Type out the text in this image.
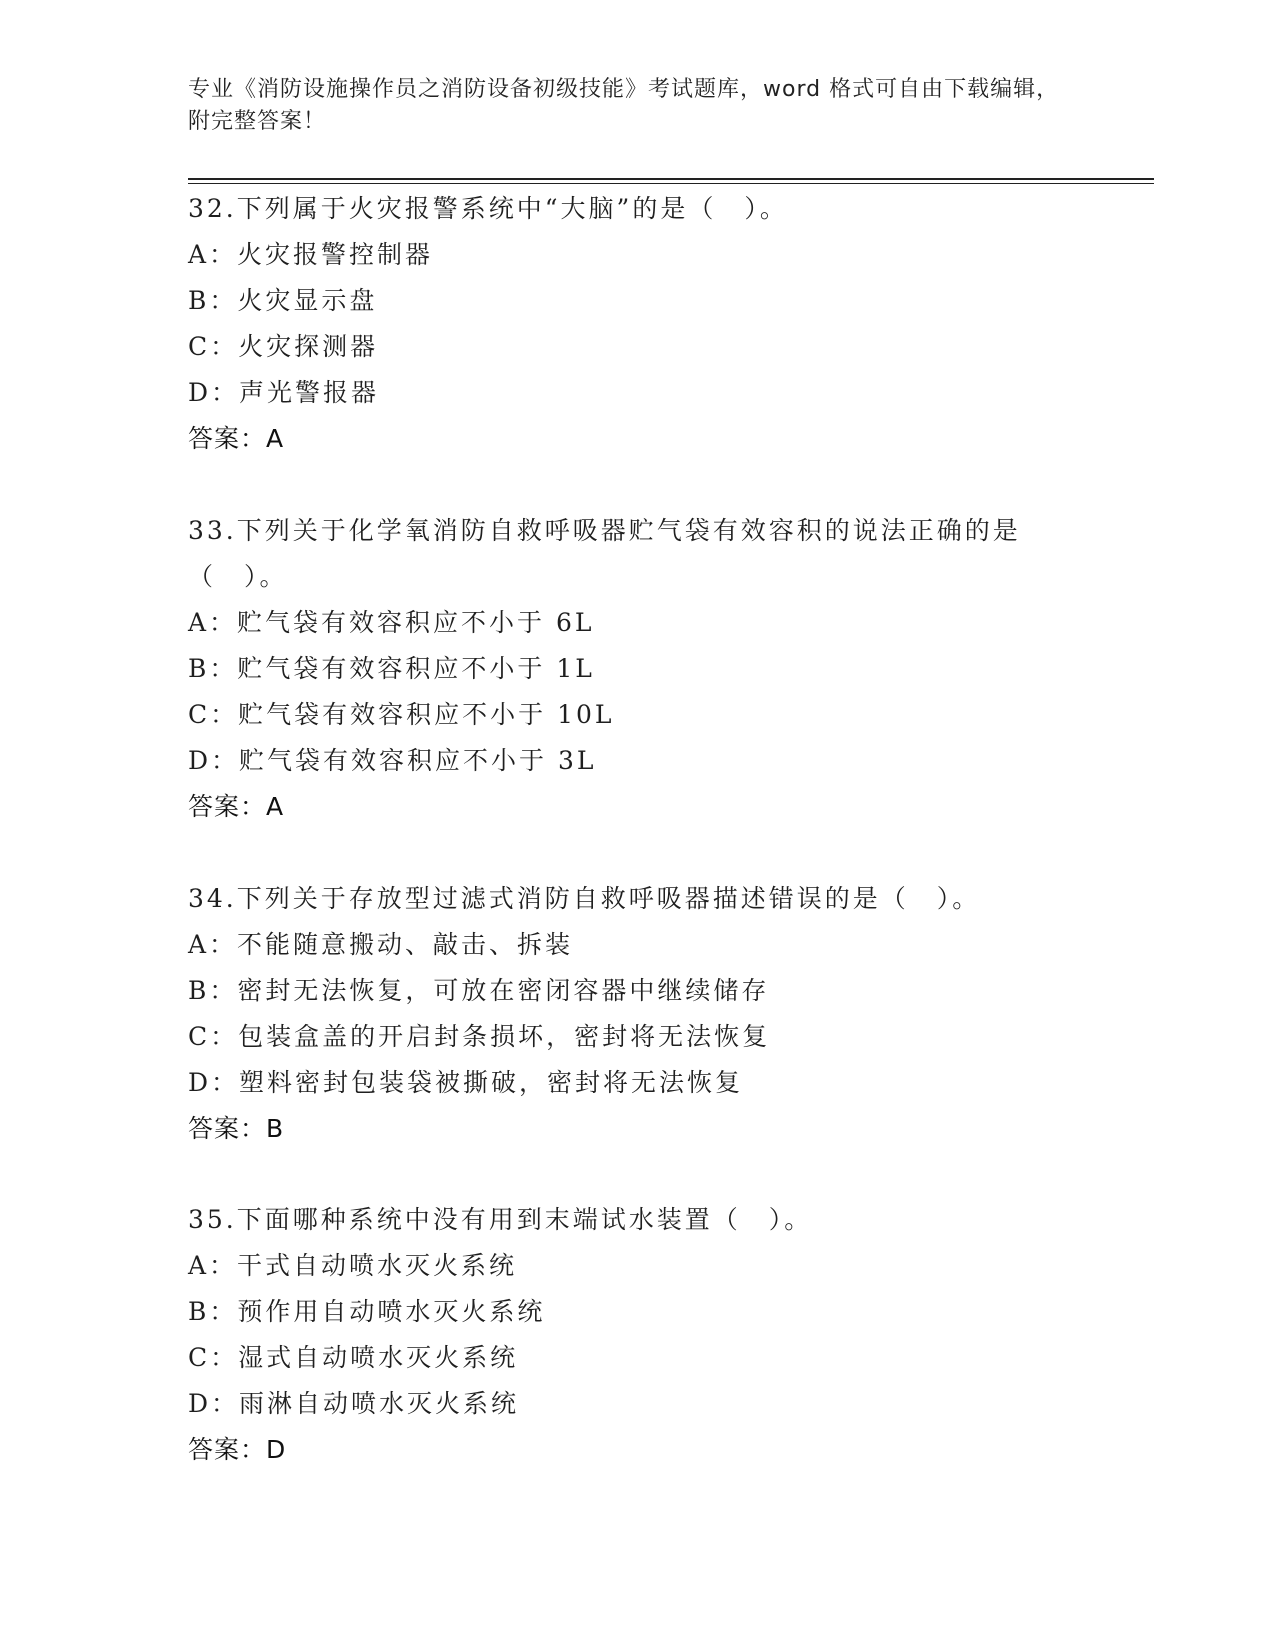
专业《消防设施操作员之消防设备初级技能》考试题库，word 格式可自由下载编辑，附完整答案！

32.下列属于火灾报警系统中“大脑”的是（　）。

A：火灾报警控制器

B：火灾显示盘

C：火灾探测器

D：声光警报器

答案：A

33.下列关于化学氧消防自救呼吸器贮气袋有效容积的说法正确的是（　）。

A：贮气袋有效容积应不小于 6L

B：贮气袋有效容积应不小于 1L

C：贮气袋有效容积应不小于 10L

D：贮气袋有效容积应不小于 3L

答案：A

34.下列关于存放型过滤式消防自救呼吸器描述错误的是（　）。

A：不能随意搬动、敲击、拆装

B：密封无法恢复，可放在密闭容器中继续储存

C：包装盒盖的开启封条损坏，密封将无法恢复

D：塑料密封包装袋被撕破，密封将无法恢复

答案：B

35.下面哪种系统中没有用到末端试水装置（　）。

A：干式自动喷水灭火系统

B：预作用自动喷水灭火系统

C：湿式自动喷水灭火系统

D：雨淋自动喷水灭火系统

答案：D
